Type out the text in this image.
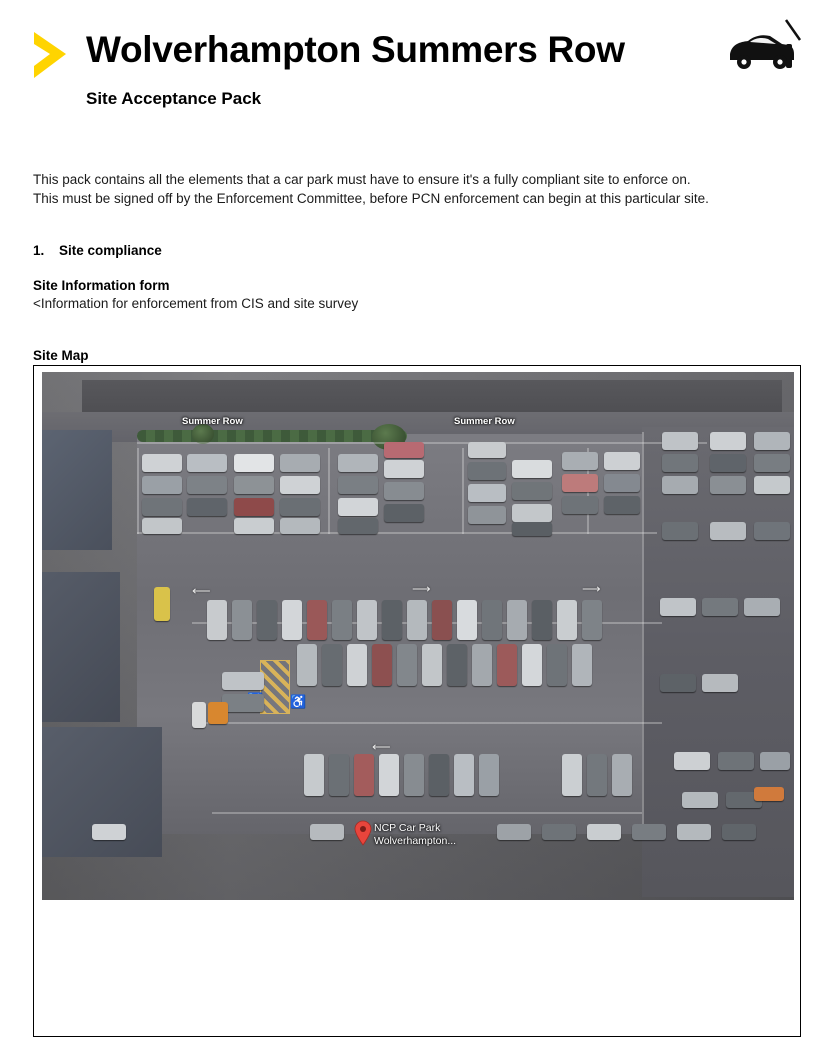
Wolverhampton Summers Row
Site Acceptance Pack
This pack contains all the elements that a car park must have to ensure it's a fully compliant site to enforce on.
This must be signed off by the Enforcement Committee, before PCN enforcement can begin at this particular site.
1. Site compliance
Site Information form
<Information for enforcement from CIS and site survey
Site Map
♿
⟶	⟶
⟵
⟵
Summer Row	Summer Row
NCP Car Park
Wolverhampton...
